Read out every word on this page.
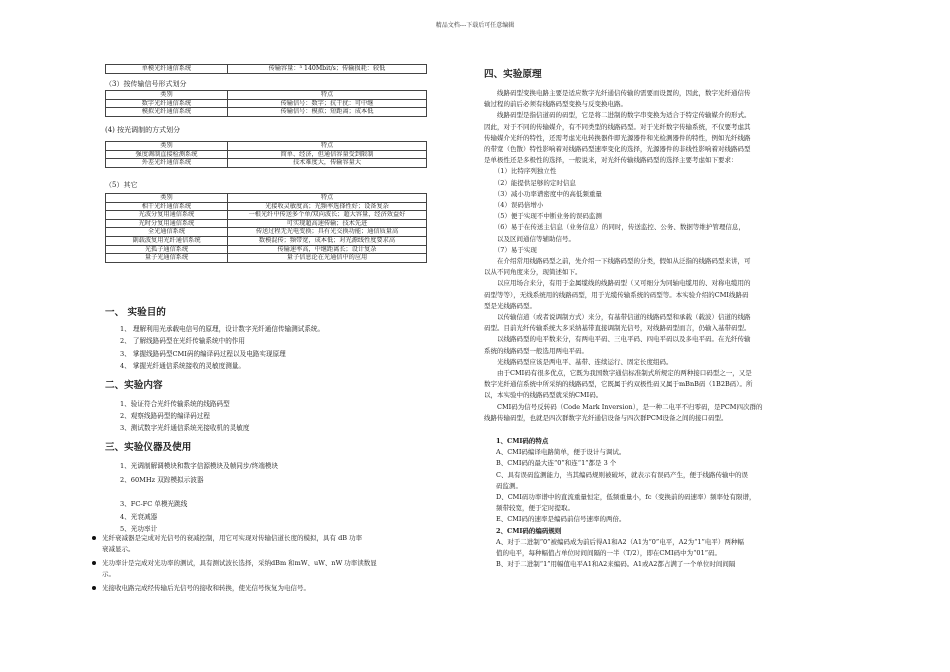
精品文档---下载后可任意编辑
单模光纤通信系统	传输容量：³ 140Mbit/s；传输损耗：较低
（3）按传输信号形式划分
类别	特点
数字光纤通信系统	传输信号：数字；抗干扰：可中继
模拟光纤通信系统	传输信号：模拟；短距离；成本低
(4) 按光调制的方式划分
类别	特点
强度调制直接检测系统	简单、经济，但通信容量受到限制
外差光纤通信系统	技术难度大，传输容量大
（5）其它
类别	特点
相干光纤通信系统	光接收灵敏度高；光频率选择性好；设备复杂
光波分复用通信系统	一根光纤中传送多个单/双向波长；超大容量，经济效益好
光时分复用通信系统	可实现超高速传输；技术先进
全光通信系统	传送过程无光电变换；具有光交换功能；通信质量高
副载波复用光纤通信系统	数模混传；频带宽，成本低；对光源线性度要求高
光孤子通信系统	传输速率高，中继距离长；设计复杂
量子光通信系统	量子信息论在光通信中的应用
一、 实验目的
1、 理解利用光承载电信号的原理，设计数字光纤通信传输测试系统。
2、 了解线路码型在光纤传输系统中的作用
3、 掌握线路码型CMI码的编译码过程以及电路实现原理
4、 掌握光纤通信系统接收的灵敏度测量。
二、实验内容
1、验证符合光纤传输系统的线路码型
2、观察线路码型的编译码过程
3、测试数字光纤通信系统光接收机的灵敏度
三、实验仪器及使用
1、光调制解调模块和数字信源模块及帧同步/终端模块
2、60MHz 双踪模拟示波器
3、FC-FC 单模光跳线
4、光衰减器
5、光功率计
光纤衰减器是完成对光信号的衰减控制，用它可实现对传输信道长度的模拟，具有 dB 功率
衰减显示。
光功率计是完成对光功率的测试，具有测试波长选择，采纳dBm 和mW、uW、nW 功率读数显
示。
光接收电路完成经传输后光信号的接收和转换，使光信号恢复为电信号。
四、实验原理
　　线路码型变换电路主要是适应数字光纤通信传输的需要而设置的，因此，数字光纤通信传
输过程的前后必须有线路码型变换与反变换电路。
　　线路码型是指信道码的码型，它是将二进制的数字串变换为适合于特定传输媒介的形式。
因此，对于不同的传输媒介，有不同类型的线路码型。对于光纤数字传输系统，不仅要考虑其
传输媒介光纤的特性，还需考虑光电转换器件即光源器件和光检测器件的特性，例如光纤线路
的带宽（色散）特性影响着对线路码型速率变化的选择，光源器件的非线性影响着对线路码型
是单极性还是多极性的选择，一般说来，对光纤传输线路码型的选择主要考虑如下要求：
　　（1）比特序列独立性
　　（2）能提供足够的定时信息
　　（3）减小功率谱密度中的高低频重量
　　（4）误码倍增小
　　（5）便于实现不中断业务的误码监测
　　（6）易于在传送主信息（业务信息）的同时，传送监控、公务、数据等维护管理信息，
　　以及区间通信等辅助信号。
　　（7）易于实现
　　在介绍常用线路码型之前，先介绍一下线路码型的分类，假如从泛指的线路码型来讲，可
以从不同角度来分，现简述如下。
　　以应用场合来分，有用于金属缆线的线路码型（又可细分为同轴电缆用的、对称电缆用的
码型等等），无线系统用的线路码型，用于光缆传输系统的码型等。本实验介绍的CMI线路码
型是光线路码型。
　　以传输信道（或者说调制方式）来分，有基带信道的线路码型和承载（载波）信道的线路
码型。目前光纤传输系统大多采纳基带直接调制光信号，对线路码型而言，仍输入基带码型。
　　以线路码型的电平数来分，有两电平码、三电平码、四电平码以及多电平码。在光纤传输
系统的线路码型一般选用两电平码。
　　光线路码型应该是两电平、基带、连续运行、固定长度组码。
　　由于CMI码有很多优点，它既为我国数字通信标准制式所规定的两种接口码型之一，又是
数字光纤通信系统中所采纳的线路码型，它既属于约双极性码又属于mBnB码（1B2B码）。所
以，本实验中的线路码型就采纳CMI码。
　　CMI码为信号反转码（Code Mark Inversion），是一种二电平不归零码，是PCM四次群的
线路传输码型，也就是四次群数字光纤通信设备与四次群PCM设备之间的接口码型。
1、CMI码的特点
A、CMI码编译电路简单，便于设计与调试。
B、CMI码的最大连“0”和连“1”都是 3 个
C、具有误码监测能力，当其编码规则被破坏，就表示有误码产生，便于线路传输中的误
码监测。
D、CMI码功率谱中的直流重量恒定，低频重量小，fc（变换前的码速率）频率处有限谱，
频带较宽，便于定时提取。
E、CMI码的速率是编码前信号速率的两倍。
2、CMI码的编码规则
A、对于二进制“0”被编码成为前后得A1和A2（A1为“0”电平，A2为“1”电平）两种幅
值的电平，每种幅值占单位时间间隔的一半（T/2），即在CMI码中为“01”码。
B、对于二进制“1”用幅值电平A1和A2来编码。A1或A2都占满了一个单位时间间隔
